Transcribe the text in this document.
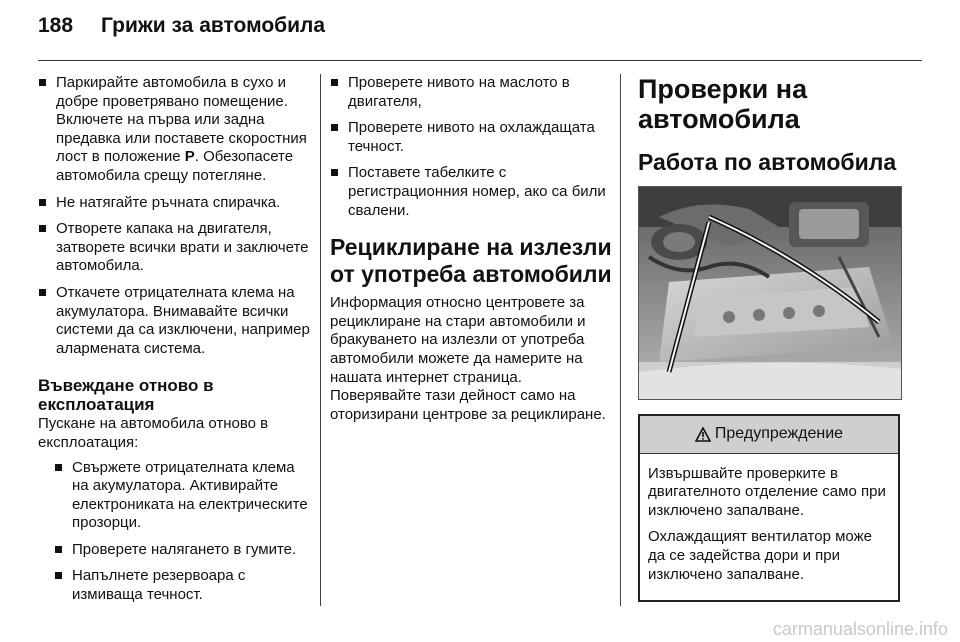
188 Грижи за автомобила
Паркирайте автомобила в сухо и добре проветрявано помещение. Включете на първа или задна предавка или поставете скоростния лост в положение P. Обезопасете автомобила срещу потегляне.
Не натягайте ръчната спирачка.
Отворете капака на двигателя, затворете всички врати и заключете автомобила.
Откачете отрицателната клема на акумулатора. Внимавайте всички системи да са изключени, например алармената система.
Въвеждане отново в експлоатация

Пускане на автомобила отново в експлоатация:

Свържете отрицателната клема на акумулатора. Активирайте електрониката на електрическите прозорци.
Проверете налягането в гумите.
Напълнете резервоара с измиваща течност.
Проверете нивото на маслото в двигателя,
Проверете нивото на охлаждащата течност.
Поставете табелките с регистрационния номер, ако са били свалени.
Рециклиране на излезли от употреба автомобили

Информация относно центровете за рециклиране на стари автомобили и бракуването на излезли от употреба автомобили можете да намерите на нашата интернет страница. Поверявайте тази дейност само на оторизирани центрове за рециклиране.

Проверки на автомобила
Работа по автомобила
Предупреждение

Извършвайте проверките в двигателното отделение само при изключено запалване.

Охлаждащият вентилатор може да се задейства дори и при изключено запалване.

carmanualsonline.info
